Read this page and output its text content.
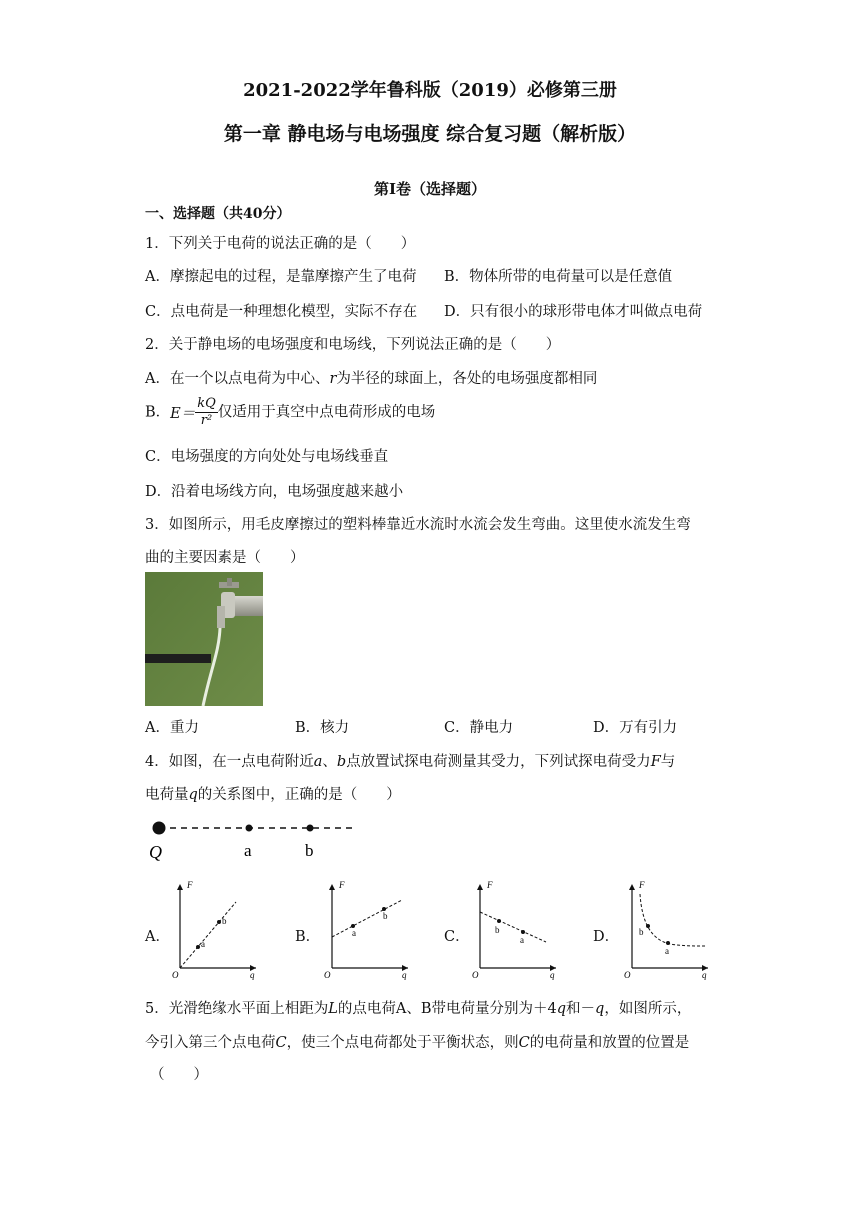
2021-2022学年鲁科版（2019）必修第三册
第一章 静电场与电场强度 综合复习题（解析版）
第Ⅰ卷（选择题）
一、选择题（共40分）
1．下列关于电荷的说法正确的是（　　）
A．摩擦起电的过程，是靠摩擦产生了电荷 B．物体所带的电荷量可以是任意值
C．点电荷是一种理想化模型，实际不存在 D．只有很小的球形带电体才叫做点电荷
2．关于静电场的电场强度和电场线，下列说法正确的是（　　）
A．在一个以点电荷为中心、r为半径的球面上，各处的电场强度都相同
B．$E= \frac{kQ}{\text{r²}}$ 仅适用于真空中点电荷形成的电场
C．电场强度的方向处处与电场线垂直
D．沿着电场线方向，电场强度越来越小
3．如图所示，用毛皮摩擦过的塑料棒靠近水流时水流会发生弯曲。这里使水流发生弯
曲的主要因素是（　　）
A．重力	B．核力	C．静电力	D．万有引力
4．如图，在一点电荷附近a、b点放置试探电荷测量其受力，下列试探电荷受力F与
电荷量q的关系图中，正确的是（　　）
Q	a	b
A．
F
O	q
a
b
B．
F
O	q
a
b
C．
F
O	q
a
b	D．
F
O	q
a
b
5．光滑绝缘水平面上相距为L的点电荷A、B带电荷量分别为＋4q和－q，如图所示，
今引入第三个点电荷C，使三个点电荷都处于平衡状态，则C的电荷量和放置的位置是
（　　）
